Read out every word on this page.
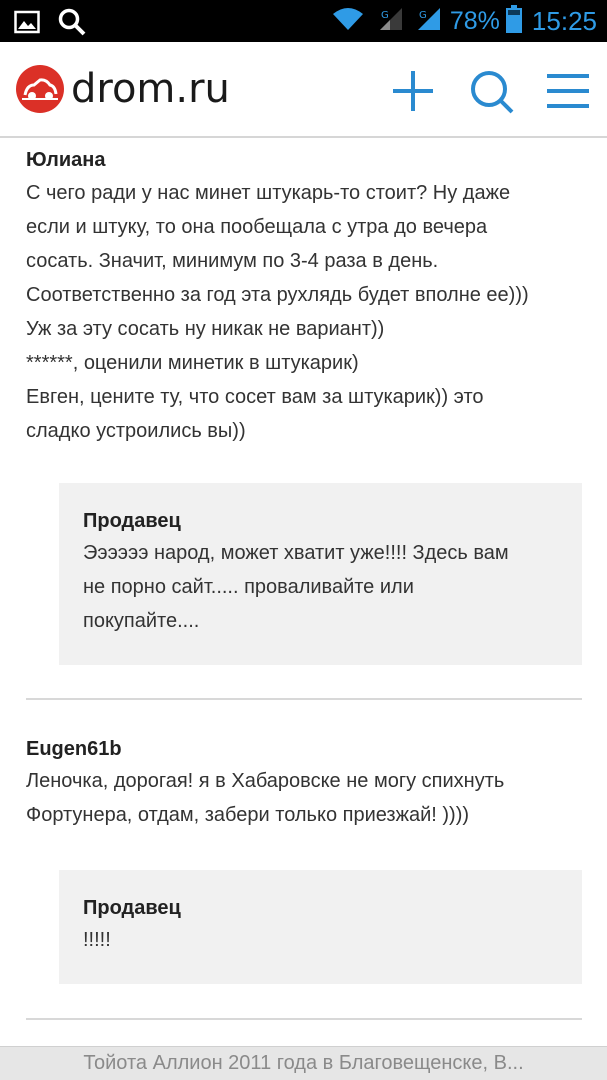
G	G 78% 15:25
drom.ru
Юлиана
С чего ради у нас минет штукарь-то стоит? Ну даже
если и штуку, то она пообещала с утра до вечера
сосать. Значит, минимум по 3-4 раза в день.
Соответственно за год эта рухлядь будет вполне ее)))
Уж за эту сосать ну никак не вариант))
******, оценили минетик в штукарик)
Евген, цените ту, что сосет вам за штукарик)) это
сладко устроились вы))
Продавец
Ээээээ народ, может хватит уже!!!! Здесь вам
не порно сайт..... проваливайте или
покупайте....
Eugen61b
Леночка, дорогая! я в Хабаровске не могу спихнуть
Фортунера, отдам, забери только приезжай! ))))
Продавец
!!!!!
Тойота Аллион 2011 года в Благовещенске, В...
